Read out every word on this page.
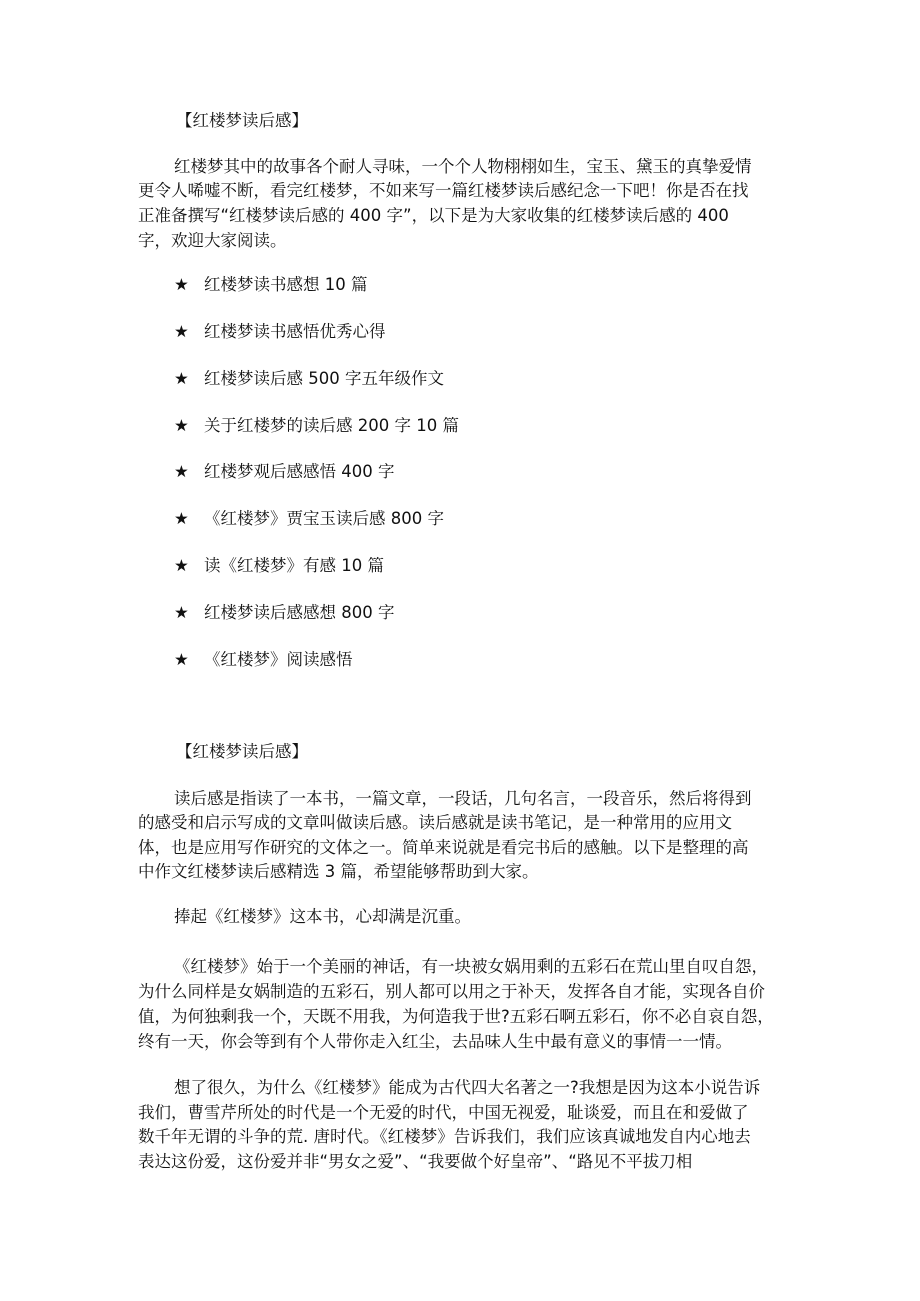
【红楼梦读后感】
红楼梦其中的故事各个耐人寻味，一个个人物栩栩如生，宝玉、黛玉的真挚爱情
更令人唏嘘不断，看完红楼梦，不如来写一篇红楼梦读后感纪念一下吧！你是否在找
正准备撰写“红楼梦读后感的 400 字”，以下是为大家收集的红楼梦读后感的 400
字，欢迎大家阅读。
★ 红楼梦读书感想 10 篇
★ 红楼梦读书感悟优秀心得
★ 红楼梦读后感 500 字五年级作文
★ 关于红楼梦的读后感 200 字 10 篇
★ 红楼梦观后感感悟 400 字
★ 《红楼梦》贾宝玉读后感 800 字
★ 读《红楼梦》有感 10 篇
★ 红楼梦读后感感想 800 字
★ 《红楼梦》阅读感悟
【红楼梦读后感】
读后感是指读了一本书，一篇文章，一段话，几句名言，一段音乐，然后将得到
的感受和启示写成的文章叫做读后感。读后感就是读书笔记，是一种常用的应用文
体，也是应用写作研究的文体之一。简单来说就是看完书后的感触。以下是整理的高
中作文红楼梦读后感精选 3 篇，希望能够帮助到大家。
捧起《红楼梦》这本书，心却满是沉重。
《红楼梦》始于一个美丽的神话，有一块被女娲用剩的五彩石在荒山里自叹自怨，
为什么同样是女娲制造的五彩石，别人都可以用之于补天，发挥各自才能，实现各自价
值，为何独剩我一个，天既不用我，为何造我于世?五彩石啊五彩石，你不必自哀自怨，
终有一天，你会等到有个人带你走入红尘，去品味人生中最有意义的事情一一情。
想了很久，为什么《红楼梦》能成为古代四大名著之一?我想是因为这本小说告诉
我们，曹雪芹所处的时代是一个无爱的时代，中国无视爱，耻谈爱，而且在和爱做了
数千年无谓的斗争的荒. 唐时代。《红楼梦》告诉我们，我们应该真诚地发自内心地去
表达这份爱，这份爱并非“男女之爱”、“我要做个好皇帝”、“路见不平拔刀相
